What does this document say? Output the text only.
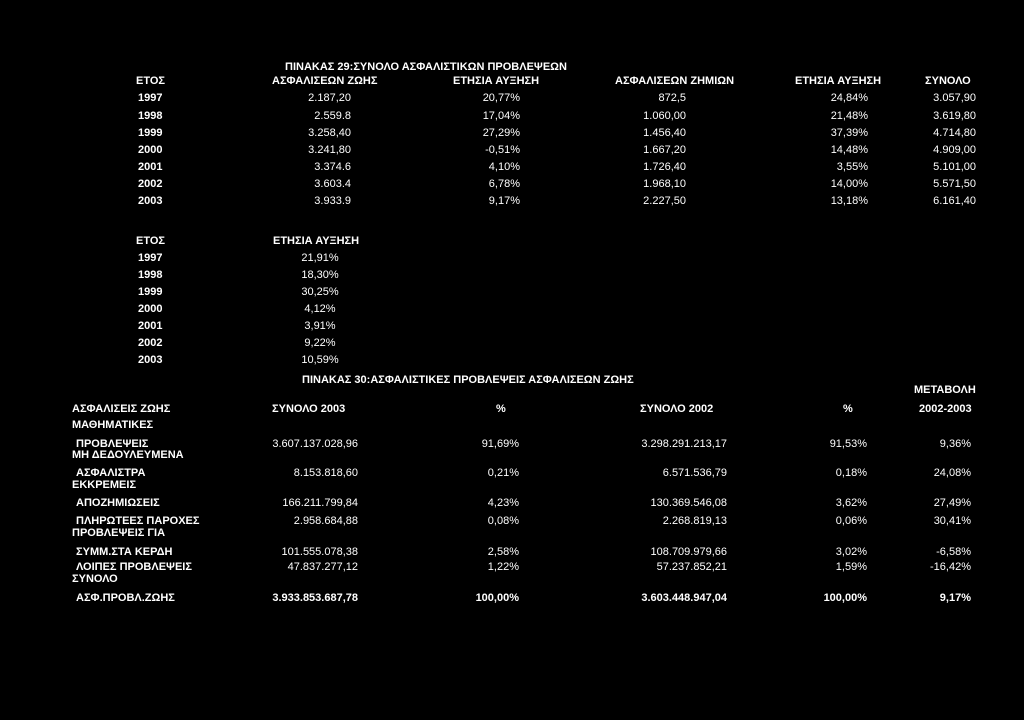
ΠΙΝΑΚΑΣ 29:ΣΥΝΟΛΟ ΑΣΦΑΛΙΣΤΙΚΩΝ ΠΡΟΒΛΕΨΕΩΝ
ΕΤΟΣ	ΑΣΦΑΛΙΣΕΩΝ ΖΩΗΣ	ΕΤΗΣΙΑ ΑΥΞΗΣΗ	ΑΣΦΑΛΙΣΕΩΝ ΖΗΜΙΩΝ	ΕΤΗΣΙΑ ΑΥΞΗΣΗ	ΣΥΝΟΛΟ
1997	2.187,20	20,77%	872,5	24,84%	3.057,90
1998	2.559.8	17,04%	1.060,00	21,48%	3.619,80
1999	3.258,40	27,29%	1.456,40	37,39%	4.714,80
2000	3.241,80	-0,51%	1.667,20	14,48%	4.909,00
2001	3.374.6	4,10%	1.726,40	3,55%	5.101,00
2002	3.603.4	6,78%	1.968,10	14,00%	5.571,50
2003	3.933.9	9,17%	2.227,50	13,18%	6.161,40
ΕΤΟΣ	ΕΤΗΣΙΑ ΑΥΞΗΣΗ
1997	21,91%
1998	18,30%
1999	30,25%
2000	4,12%
2001	3,91%
2002	9,22%
2003	10,59%
ΠΙΝΑΚΑΣ 30:ΑΣΦΑΛΙΣΤΙΚΕΣ ΠΡΟΒΛΕΨΕΙΣ ΑΣΦΑΛΙΣΕΩΝ ΖΩΗΣ
ΜΕΤΑΒΟΛΗ
ΑΣΦΑΛΙΣΕΙΣ ΖΩΗΣ	ΣΥΝΟΛΟ 2003	%	ΣΥΝΟΛΟ 2002	%	2002-2003
ΜΑΘΗΜΑΤΙΚΕΣ
ΠΡΟΒΛΕΨΕΙΣ	3.607.137.028,96	91,69%	3.298.291.213,17	91,53%	9,36%
ΜΗ ΔΕΔΟΥΛΕΥΜΕΝΑ
ΑΣΦΑΛΙΣΤΡΑ	8.153.818,60	0,21%	6.571.536,79	0,18%	24,08%
ΕΚΚΡΕΜΕΙΣ
ΑΠΟΖΗΜΙΩΣΕΙΣ	166.211.799,84	4,23%	130.369.546,08	3,62%	27,49%
ΠΛΗΡΩΤΕΕΣ ΠΑΡΟΧΕΣ	2.958.684,88	0,08%	2.268.819,13	0,06%	30,41%
ΠΡΟΒΛΕΨΕΙΣ ΓΙΑ
ΣΥΜΜ.ΣΤΑ ΚΕΡΔΗ	101.555.078,38	2,58%	108.709.979,66	3,02%	-6,58%
ΛΟΙΠΕΣ ΠΡΟΒΛΕΨΕΙΣ	47.837.277,12	1,22%	57.237.852,21	1,59%	-16,42%
ΣΥΝΟΛΟ
ΑΣΦ.ΠΡΟΒΛ.ΖΩΗΣ	3.933.853.687,78	100,00%	3.603.448.947,04	100,00%	9,17%
